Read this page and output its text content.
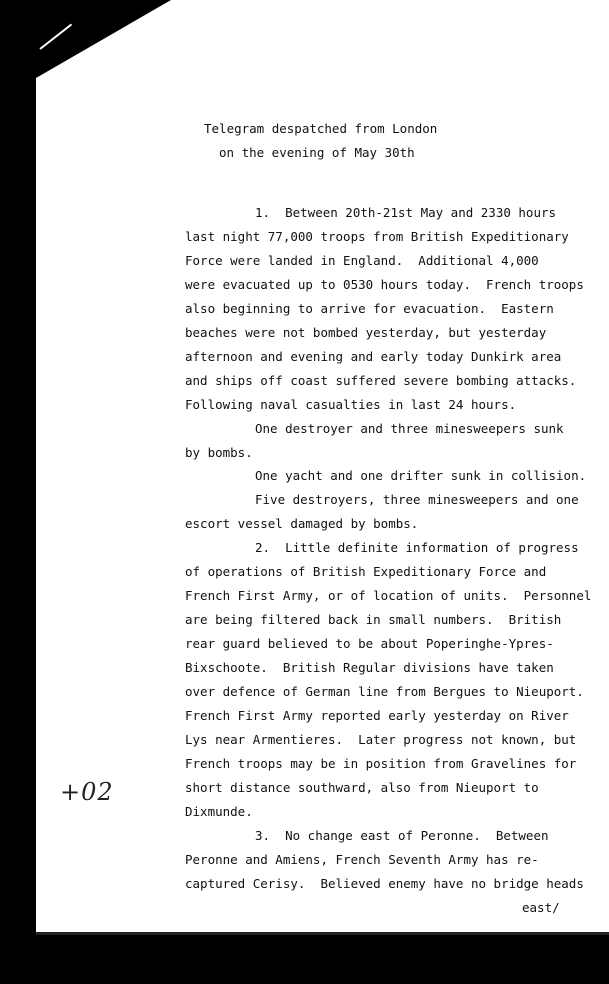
Telegram despatched from London
on the evening of May 30th
1.  Between 20th-21st May and 2330 hours
last night 77,000 troops from British Expeditionary
Force were landed in England.  Additional 4,000
were evacuated up to 0530 hours today.  French troops
also beginning to arrive for evacuation.  Eastern
beaches were not bombed yesterday, but yesterday
afternoon and evening and early today Dunkirk area
and ships off coast suffered severe bombing attacks.
Following naval casualties in last 24 hours.
One destroyer and three minesweepers sunk
by bombs.
One yacht and one drifter sunk in collision.
Five destroyers, three minesweepers and one
escort vessel damaged by bombs.
2.  Little definite information of progress
of operations of British Expeditionary Force and
French First Army, or of location of units.  Personnel
are being filtered back in small numbers.  British
rear guard believed to be about Poperinghe-Ypres-
Bixschoote.  British Regular divisions have taken
over defence of German line from Bergues to Nieuport.
French First Army reported early yesterday on River
Lys near Armentieres.  Later progress not known, but
French troops may be in position from Gravelines for
short distance southward, also from Nieuport to
Dixmunde.
3.  No change east of Peronne.  Between
Peronne and Amiens, French Seventh Army has re-
captured Cerisy.  Believed enemy have no bridge heads
east/
+02
